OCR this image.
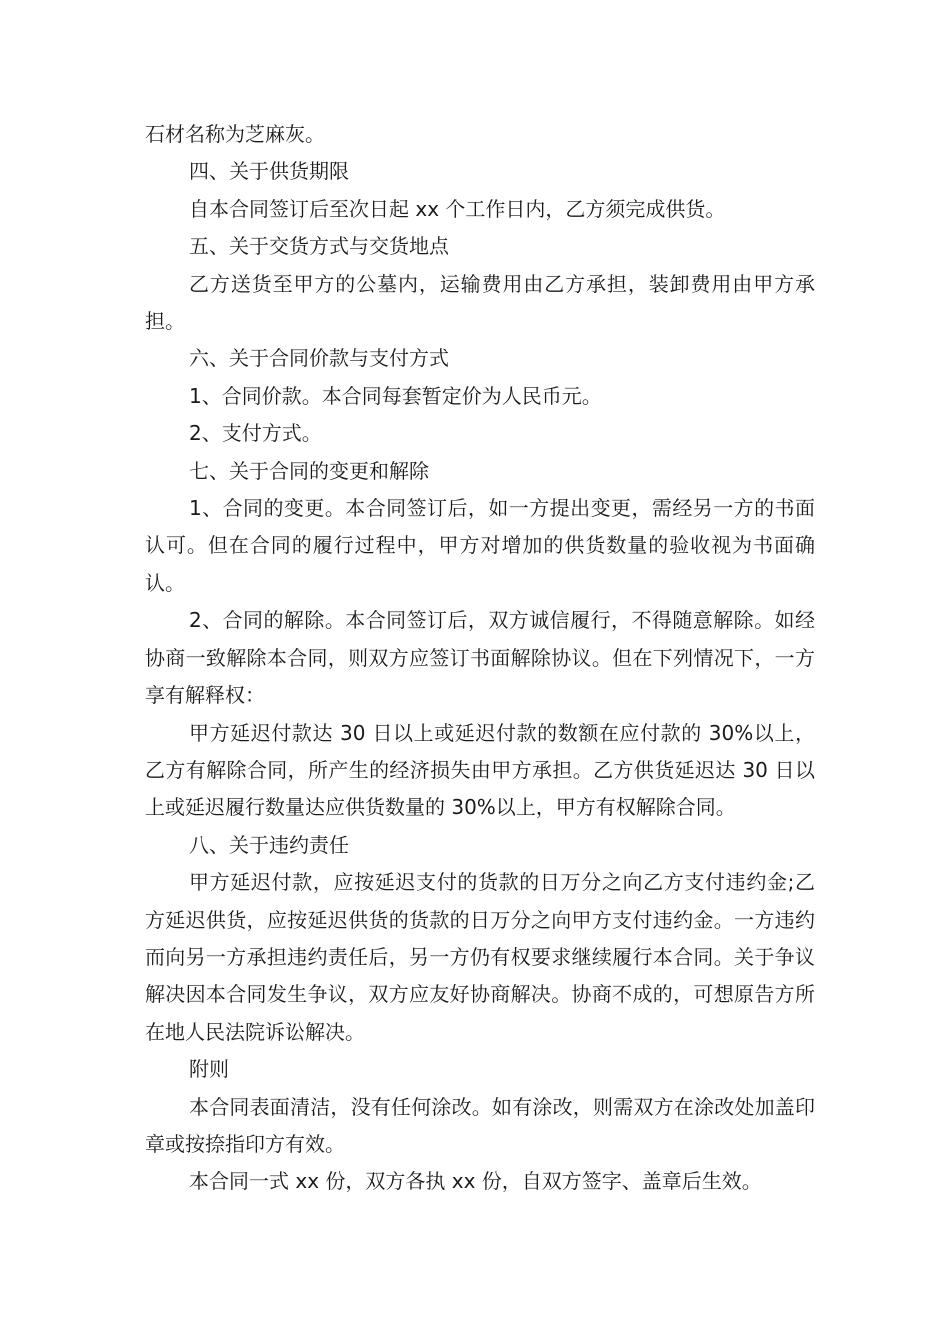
石材名称为芝麻灰。

四、关于供货期限

自本合同签订后至次日起 xx 个工作日内，乙方须完成供货。

五、关于交货方式与交货地点

乙方送货至甲方的公墓内，运输费用由乙方承担，装卸费用由甲方承担。

六、关于合同价款与支付方式

1、合同价款。本合同每套暂定价为人民币元。

2、支付方式。

七、关于合同的变更和解除

1、合同的变更。本合同签订后，如一方提出变更，需经另一方的书面认可。但在合同的履行过程中，甲方对增加的供货数量的验收视为书面确认。

2、合同的解除。本合同签订后，双方诚信履行，不得随意解除。如经协商一致解除本合同，则双方应签订书面解除协议。但在下列情况下，一方享有解释权：

甲方延迟付款达 30 日以上或延迟付款的数额在应付款的 30%以上，乙方有解除合同，所产生的经济损失由甲方承担。乙方供货延迟达 30 日以上或延迟履行数量达应供货数量的 30%以上，甲方有权解除合同。

八、关于违约责任

甲方延迟付款，应按延迟支付的货款的日万分之向乙方支付违约金;乙方延迟供货，应按延迟供货的货款的日万分之向甲方支付违约金。一方违约而向另一方承担违约责任后，另一方仍有权要求继续履行本合同。关于争议解决因本合同发生争议，双方应友好协商解决。协商不成的，可想原告方所在地人民法院诉讼解决。

附则

本合同表面清洁，没有任何涂改。如有涂改，则需双方在涂改处加盖印章或按捺指印方有效。

本合同一式 xx 份，双方各执 xx 份，自双方签字、盖章后生效。
